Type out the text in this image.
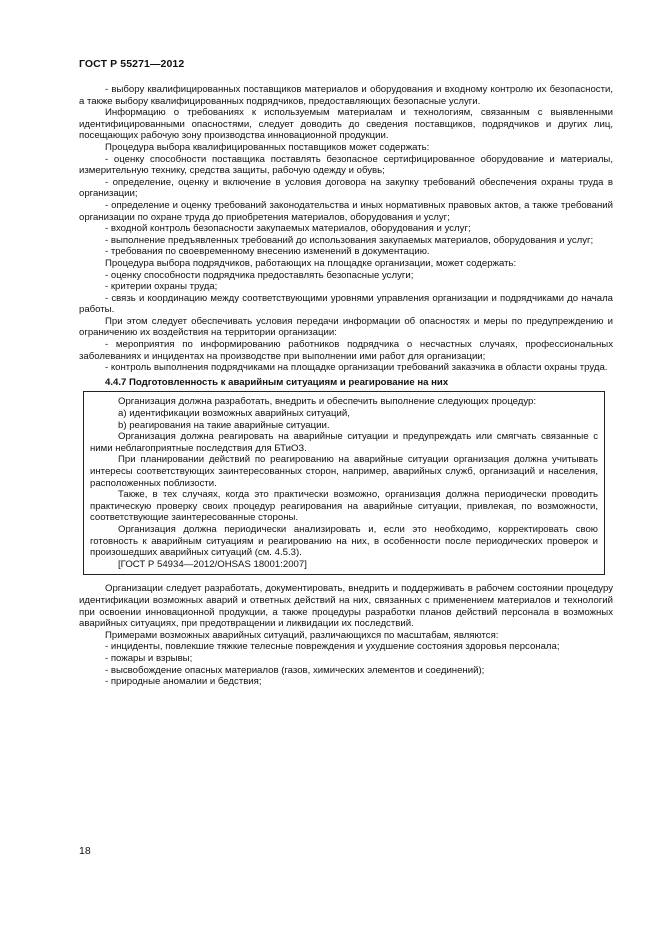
ГОСТ Р 55271—2012

- выбору квалифицированных поставщиков материалов и оборудования и входному контролю их безопасности, а также выбору квалифицированных подрядчиков, предоставляющих безопасные услуги.

Информацию о требованиях к используемым материалам и технологиям, связанным с выявленными идентифицированными опасностями, следует доводить до сведения поставщиков, подрядчиков и других лиц, посещающих рабочую зону производства инновационной продукции.

Процедура выбора квалифицированных поставщиков может содержать:

- оценку способности поставщика поставлять безопасное сертифицированное оборудование и материалы, измерительную технику, средства защиты, рабочую одежду и обувь;

- определение, оценку и включение в условия договора на закупку требований обеспечения охраны труда в организации;

- определение и оценку требований законодательства и иных нормативных правовых актов, а также требований организации по охране труда до приобретения материалов, оборудования и услуг;

- входной контроль безопасности закупаемых материалов, оборудования и услуг;

- выполнение предъявленных требований до использования закупаемых материалов, оборудования и услуг;

- требования по своевременному внесению изменений в документацию.

Процедура выбора подрядчиков, работающих на площадке организации, может содержать:

- оценку способности подрядчика предоставлять безопасные услуги;

- критерии охраны труда;

- связь и координацию между соответствующими уровнями управления организации и подрядчиками до начала работы.

При этом следует обеспечивать условия передачи информации об опасностях и меры по предупреждению и ограничению их воздействия на территории организации:

- мероприятия по информированию работников подрядчика о несчастных случаях, профессиональных заболеваниях и инцидентах на производстве при выполнении ими работ для организации;

- контроль выполнения подрядчиками на площадке организации требований заказчика в области охраны труда.

4.4.7 Подготовленность к аварийным ситуациям и реагирование на них

Организация должна разработать, внедрить и обеспечить выполнение следующих процедур:

а) идентификации возможных аварийных ситуаций,

b) реагирования на такие аварийные ситуации.

Организация должна реагировать на аварийные ситуации и предупреждать или смягчать связанные с ними неблагоприятные последствия для БТиОЗ.

При планировании действий по реагированию на аварийные ситуации организация должна учитывать интересы соответствующих заинтересованных сторон, например, аварийных служб, организаций и населения, расположенных поблизости.

Также, в тех случаях, когда это практически возможно, организация должна периодически проводить практическую проверку своих процедур реагирования на аварийные ситуации, привлекая, по возможности, соответствующие заинтересованные стороны.

Организация должна периодически анализировать и, если это необходимо, корректировать свою готовность к аварийным ситуациям и реагированию на них, в особенности после периодических проверок и произошедших аварийных ситуаций (см. 4.5.3).

[ГОСТ Р 54934—2012/OHSAS 18001:2007]

Организации следует разработать, документировать, внедрить и поддерживать в рабочем состоянии процедуру идентификации возможных аварий и ответных действий на них, связанных с применением материалов и технологий при освоении инновационной продукции, а также процедуры разработки планов действий персонала в возможных аварийных ситуациях, при предотвращении и ликвидации их последствий.

Примерами возможных аварийных ситуаций, различающихся по масштабам, являются:

- инциденты, повлекшие тяжкие телесные повреждения и ухудшение состояния здоровья персонала;

- пожары и взрывы;

- высвобождение опасных материалов (газов, химических элементов и соединений);

- природные аномалии и бедствия;

18
